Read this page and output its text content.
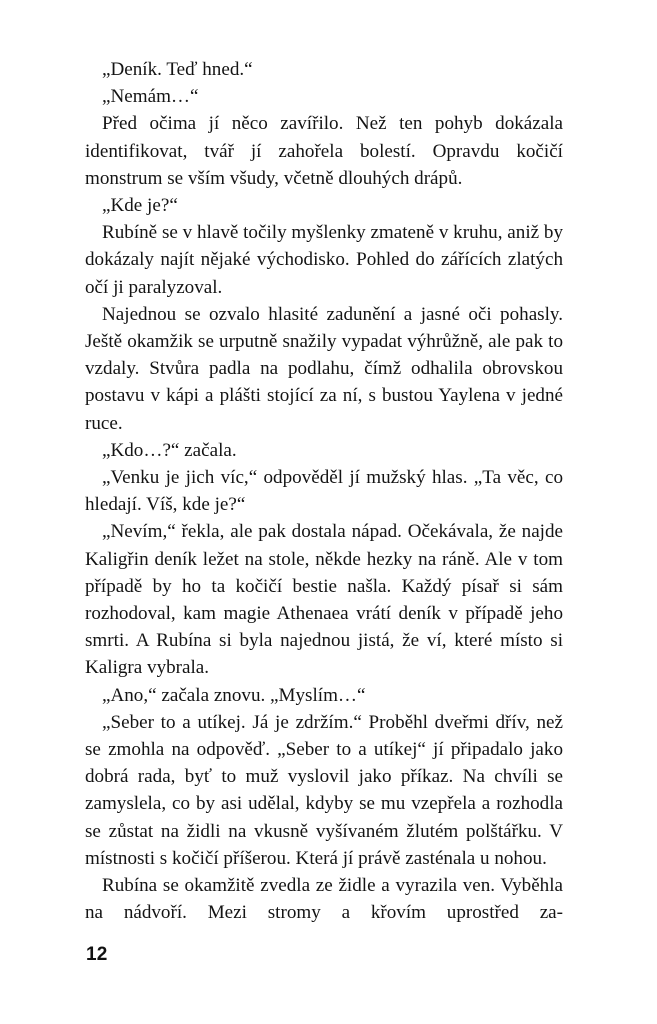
„Deník. Teď hned.“

„Nemám…“

Před očima jí něco zavířilo. Než ten pohyb dokázala identifikovat, tvář jí zahořela bolestí. Opravdu kočičí monstrum se vším všudy, včetně dlouhých drápů.

„Kde je?“

Rubíně se v hlavě točily myšlenky zmateně v kruhu, aniž by dokázaly najít nějaké východisko. Pohled do zářících zlatých očí ji paralyzoval.

Najednou se ozvalo hlasité zadunění a jasné oči pohasly. Ještě okamžik se urputně snažily vypadat výhrůžně, ale pak to vzdaly. Stvůra padla na podlahu, čímž odhalila obrovskou postavu v kápi a plášti stojící za ní, s bustou Yaylena v jedné ruce.

„Kdo…?“ začala.

„Venku je jich víc,“ odpověděl jí mužský hlas. „Ta věc, co hledají. Víš, kde je?“

„Nevím,“ řekla, ale pak dostala nápad. Očekávala, že najde Kaligřin deník ležet na stole, někde hezky na ráně. Ale v tom případě by ho ta kočičí bestie našla. Každý písař si sám rozhodoval, kam magie Athenaea vrátí deník v případě jeho smrti. A Rubína si byla najednou jistá, že ví, které místo si Kaligra vybrala.

„Ano,“ začala znovu. „Myslím…“

„Seber to a utíkej. Já je zdržím.“ Proběhl dveřmi dřív, než se zmohla na odpověď. „Seber to a utíkej“ jí připadalo jako dobrá rada, byť to muž vyslovil jako příkaz. Na chvíli se zamyslela, co by asi udělal, kdyby se mu vzepřela a rozhodla se zůstat na židli na vkusně vyšívaném žlutém polštářku. V místnosti s kočičí příšerou. Která jí právě zasténala u nohou.

Rubína se okamžitě zvedla ze židle a vyrazila ven. Vyběhla na nádvoří. Mezi stromy a křovím uprostřed za-

12
